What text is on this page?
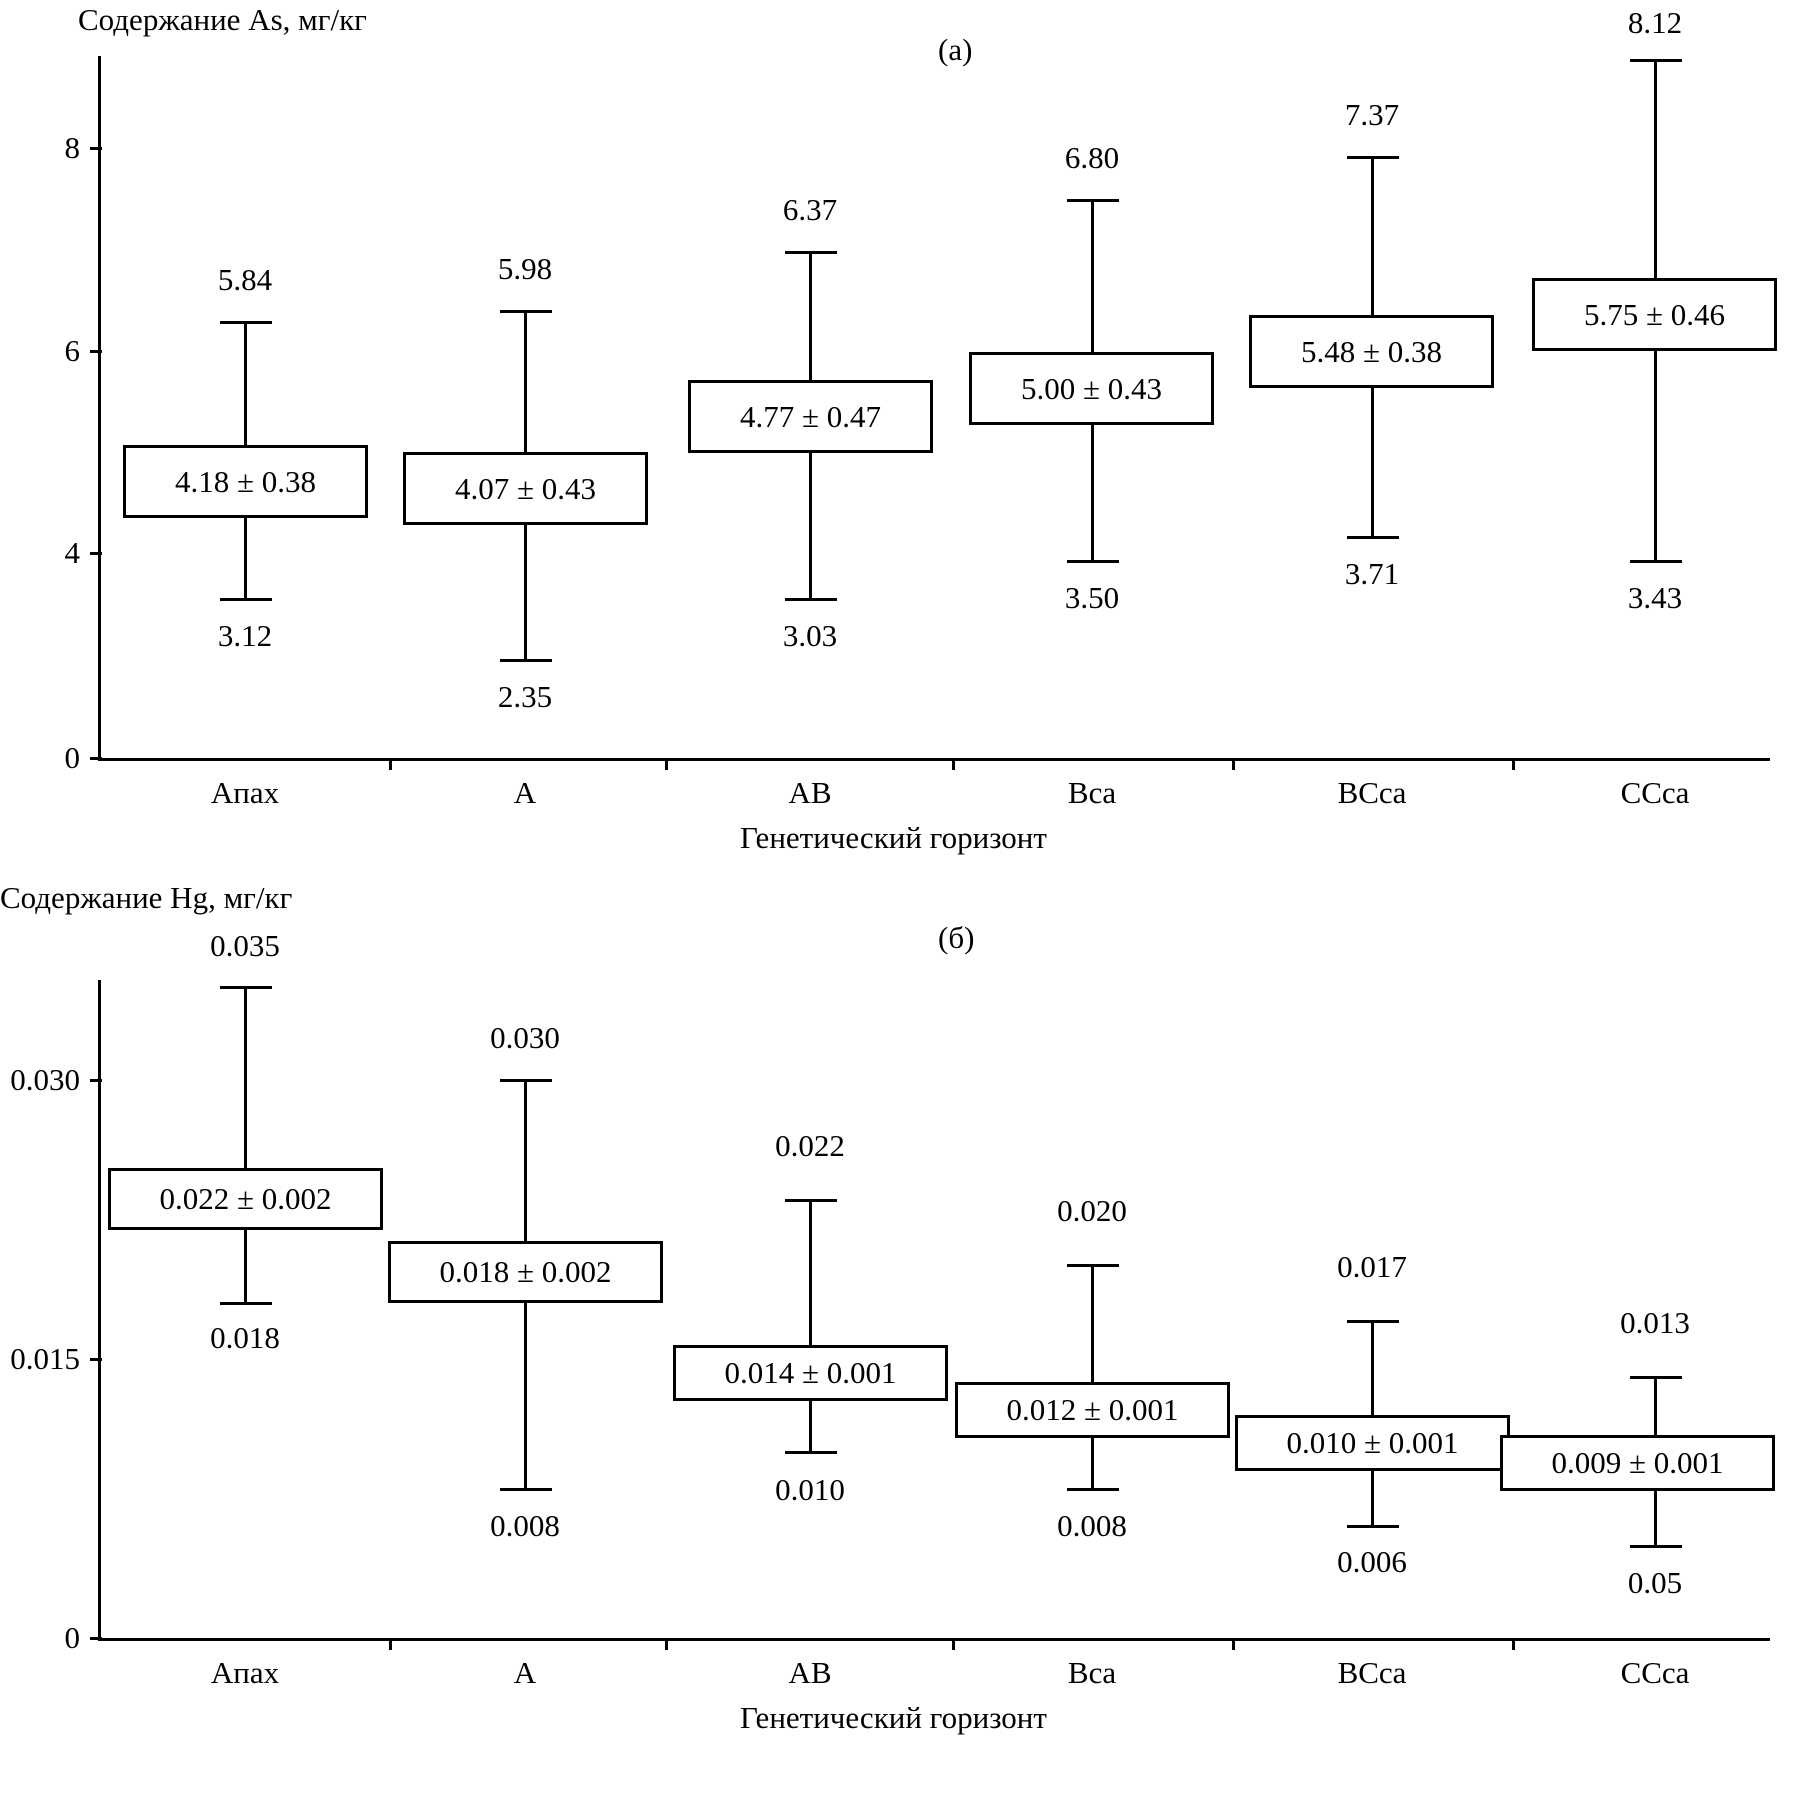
Содержание As, мг/кг
(а)
0
4
6
8
5.84
3.12
4.18 ± 0.38
5.98
2.35
4.07 ± 0.43
6.37
3.03
4.77 ± 0.47
6.80
3.50
5.00 ± 0.43
7.37
3.71
5.48 ± 0.38
8.12
3.43
5.75 ± 0.46
Апах	A	AB	Bca	BCca	CCca
Генетический горизонт
Содержание Hg, мг/кг
(б)
0
0.015
0.030
0.035
0.018
0.022 ± 0.002
0.030
0.008
0.018 ± 0.002
0.022
0.010
0.014 ± 0.001
0.020
0.008
0.012 ± 0.001
0.017
0.006
0.010 ± 0.001
0.013
0.05
0.009 ± 0.001
Апах	A	AB	Bca	BCca	CCca
Генетический горизонт
